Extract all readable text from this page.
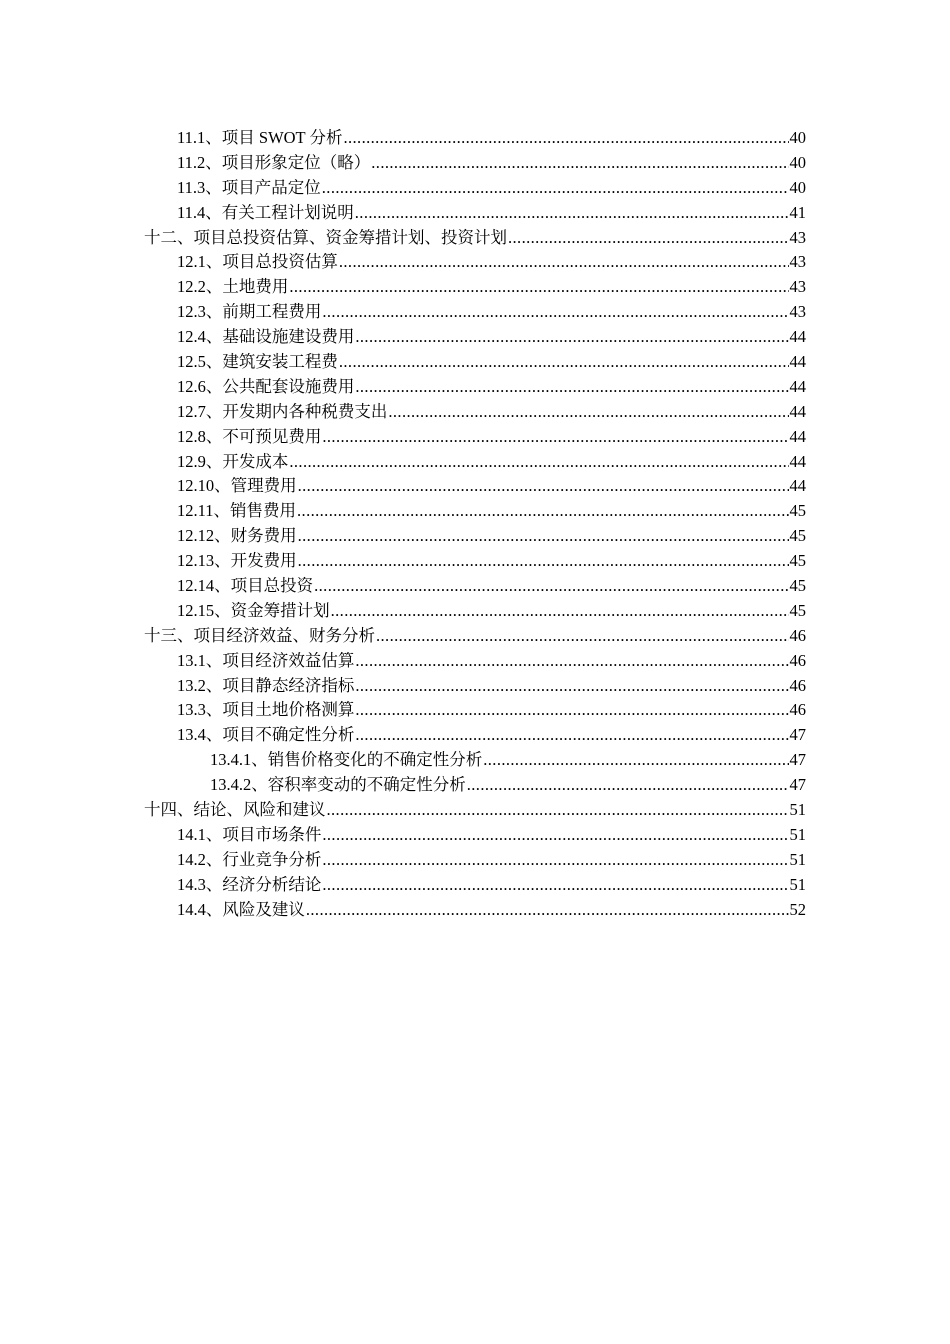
11.1、项目 SWOT 分析 .....	40
11.2、项目形象定位（略） .....	40
11.3、项目产品定位 .....	40
11.4、有关工程计划说明 .....	41
十二、项目总投资估算、资金筹措计划、投资计划 .....	43
12.1、项目总投资估算 .....	43
12.2、土地费用 .....	43
12.3、前期工程费用 .....	43
12.4、基础设施建设费用 .....	44
12.5、建筑安装工程费 .....	44
12.6、公共配套设施费用 .....	44
12.7、开发期内各种税费支出 .....	44
12.8、不可预见费用 .....	44
12.9、开发成本 .....	44
12.10、管理费用 .....	44
12.11、销售费用 .....	45
12.12、财务费用 .....	45
12.13、开发费用 .....	45
12.14、项目总投资 .....	45
12.15、资金筹措计划 .....	45
十三、项目经济效益、财务分析 .....	46
13.1、项目经济效益估算 .....	46
13.2、项目静态经济指标 .....	46
13.3、项目土地价格测算 .....	46
13.4、项目不确定性分析 .....	47
13.4.1、销售价格变化的不确定性分析 .....	47
13.4.2、容积率变动的不确定性分析 .....	47
十四、结论、风险和建议 .....	51
14.1、项目市场条件 .....	51
14.2、行业竞争分析 .....	51
14.3、经济分析结论 .....	51
14.4、风险及建议 .....	52
